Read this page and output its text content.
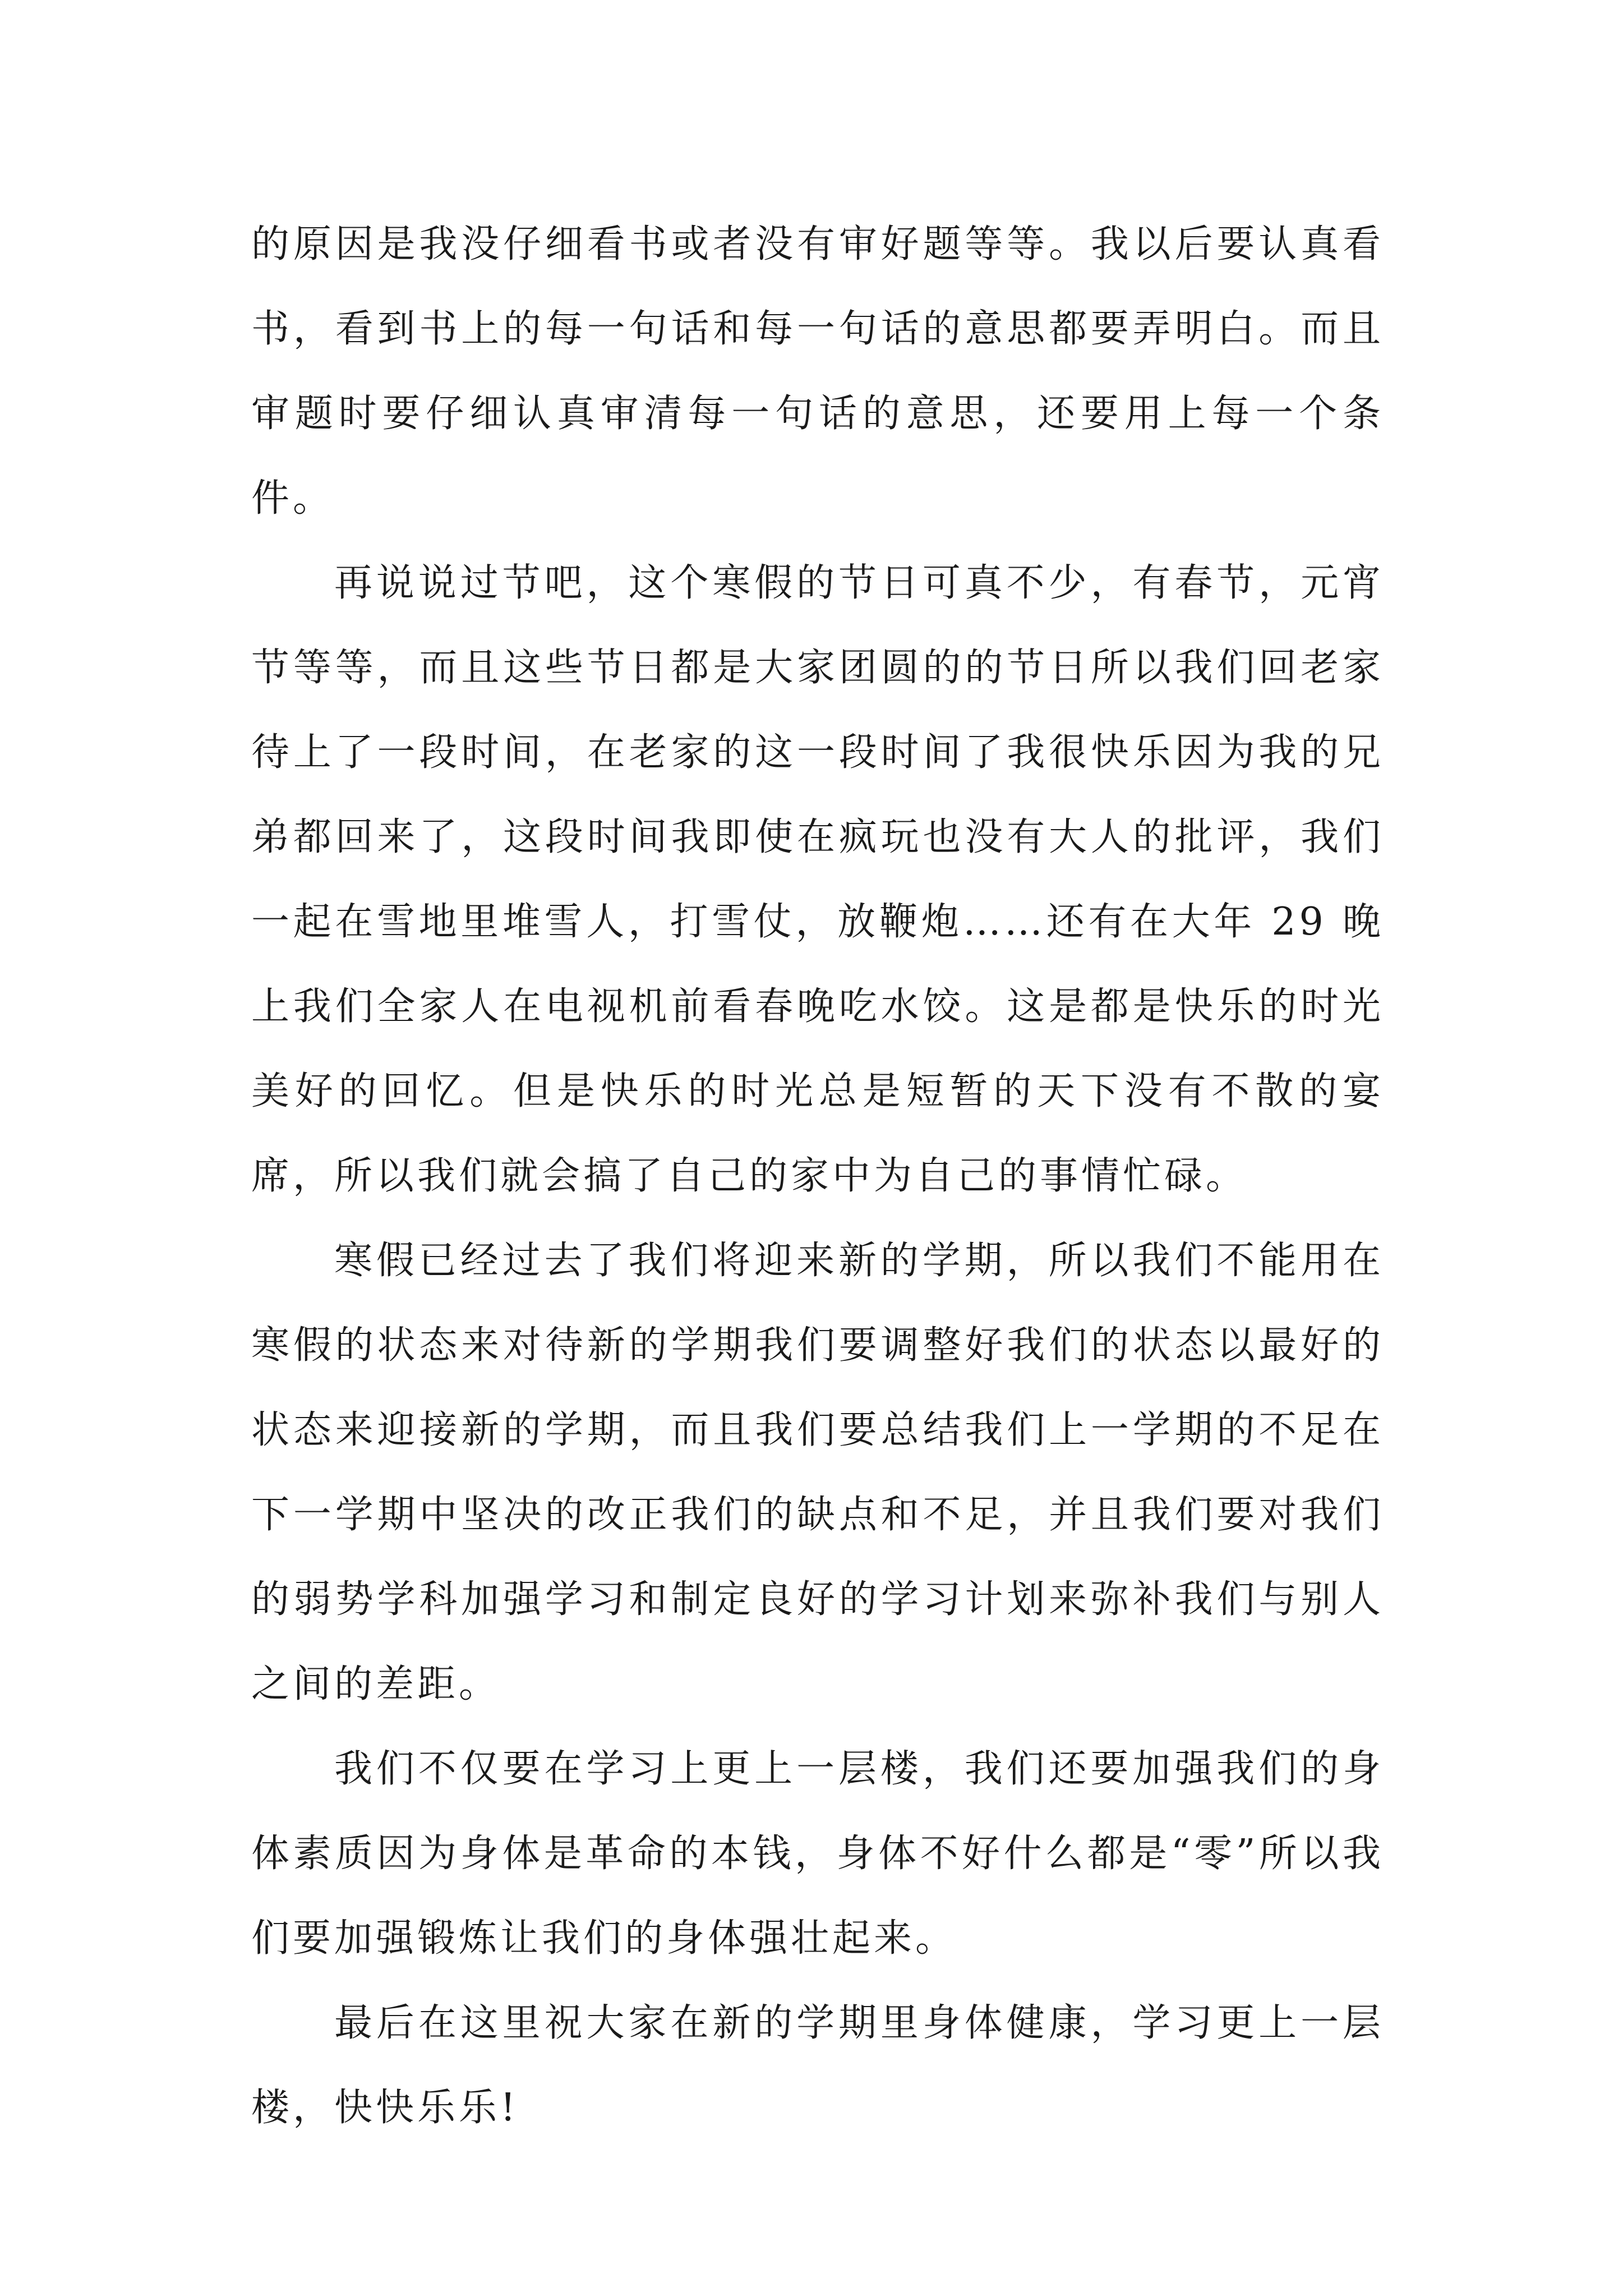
的原因是我没仔细看书或者没有审好题等等。我以后要认真看书，看到书上的每一句话和每一句话的意思都要弄明白。而且审题时要仔细认真审清每一句话的意思，还要用上每一个条件。

再说说过节吧，这个寒假的节日可真不少，有春节，元宵节等等，而且这些节日都是大家团圆的的节日所以我们回老家待上了一段时间，在老家的这一段时间了我很快乐因为我的兄弟都回来了，这段时间我即使在疯玩也没有大人的批评，我们一起在雪地里堆雪人，打雪仗，放鞭炮……还有在大年 29 晚上我们全家人在电视机前看春晚吃水饺。这是都是快乐的时光美好的回忆。但是快乐的时光总是短暂的天下没有不散的宴席，所以我们就会搞了自己的家中为自己的事情忙碌。

寒假已经过去了我们将迎来新的学期，所以我们不能用在寒假的状态来对待新的学期我们要调整好我们的状态以最好的状态来迎接新的学期，而且我们要总结我们上一学期的不足在下一学期中坚决的改正我们的缺点和不足，并且我们要对我们的弱势学科加强学习和制定良好的学习计划来弥补我们与别人之间的差距。

我们不仅要在学习上更上一层楼，我们还要加强我们的身体素质因为身体是革命的本钱，身体不好什么都是“零”所以我们要加强锻炼让我们的身体强壮起来。

最后在这里祝大家在新的学期里身体健康，学习更上一层楼，快快乐乐!
